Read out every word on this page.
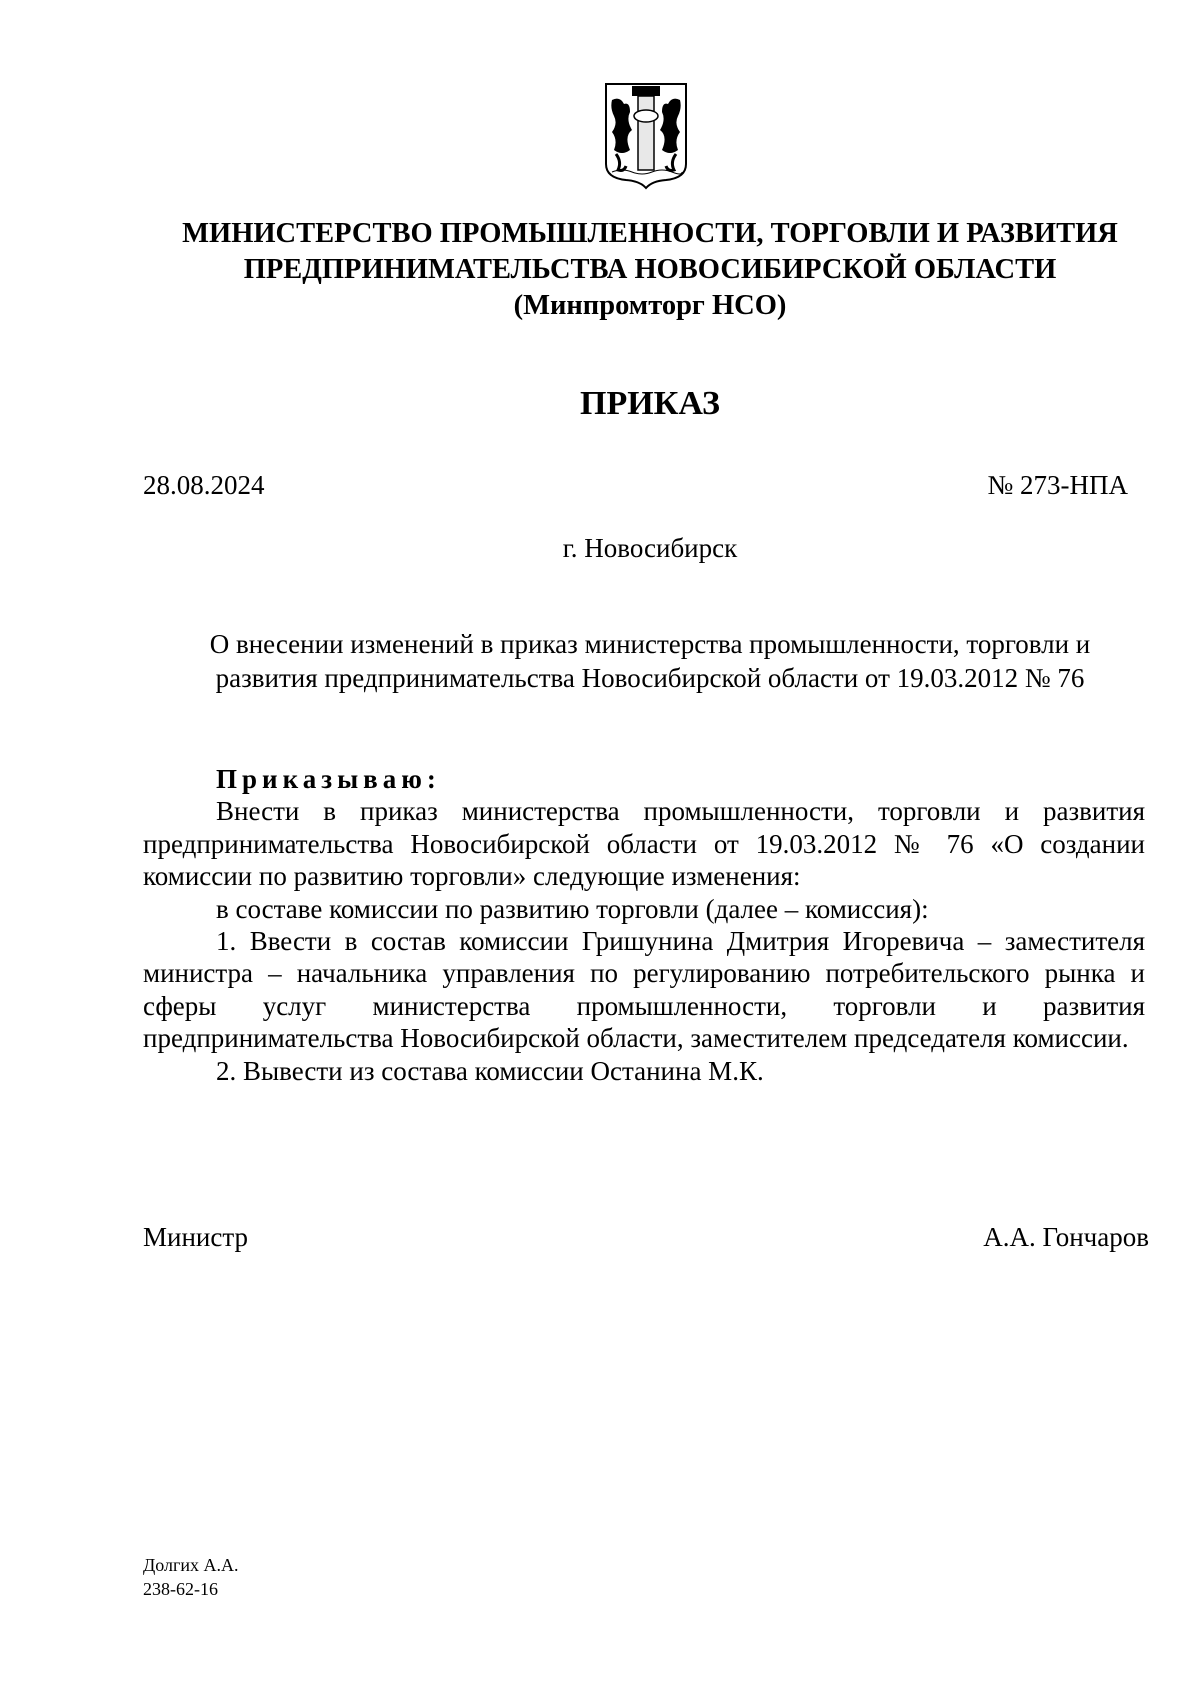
МИНИСТЕРСТВО ПРОМЫШЛЕННОСТИ, ТОРГОВЛИ И РАЗВИТИЯ
ПРЕДПРИНИМАТЕЛЬСТВА НОВОСИБИРСКОЙ ОБЛАСТИ
(Минпромторг НСО)
ПРИКАЗ
28.08.2024	№ 273-НПА
г. Новосибирск
О внесении изменений в приказ министерства промышленности, торговли и
развития предпринимательства Новосибирской области от 19.03.2012 № 76

Приказываю:

Внести в приказ министерства промышленности, торговли и развития предпринимательства Новосибирской области от 19.03.2012 № 76 «О создании комиссии по развитию торговли» следующие изменения:

в составе комиссии по развитию торговли (далее – комиссия):

1. Ввести в состав комиссии Гришунина Дмитрия Игоревича – заместителя министра – начальника управления по регулированию потребительского рынка и сферы услуг министерства промышленности, торговли и развития предпринимательства Новосибирской области, заместителем председателя комиссии.

2. Вывести из состава комиссии Останина М.К.

Министр	А.А. Гончаров
Долгих А.А.
238-62-16
